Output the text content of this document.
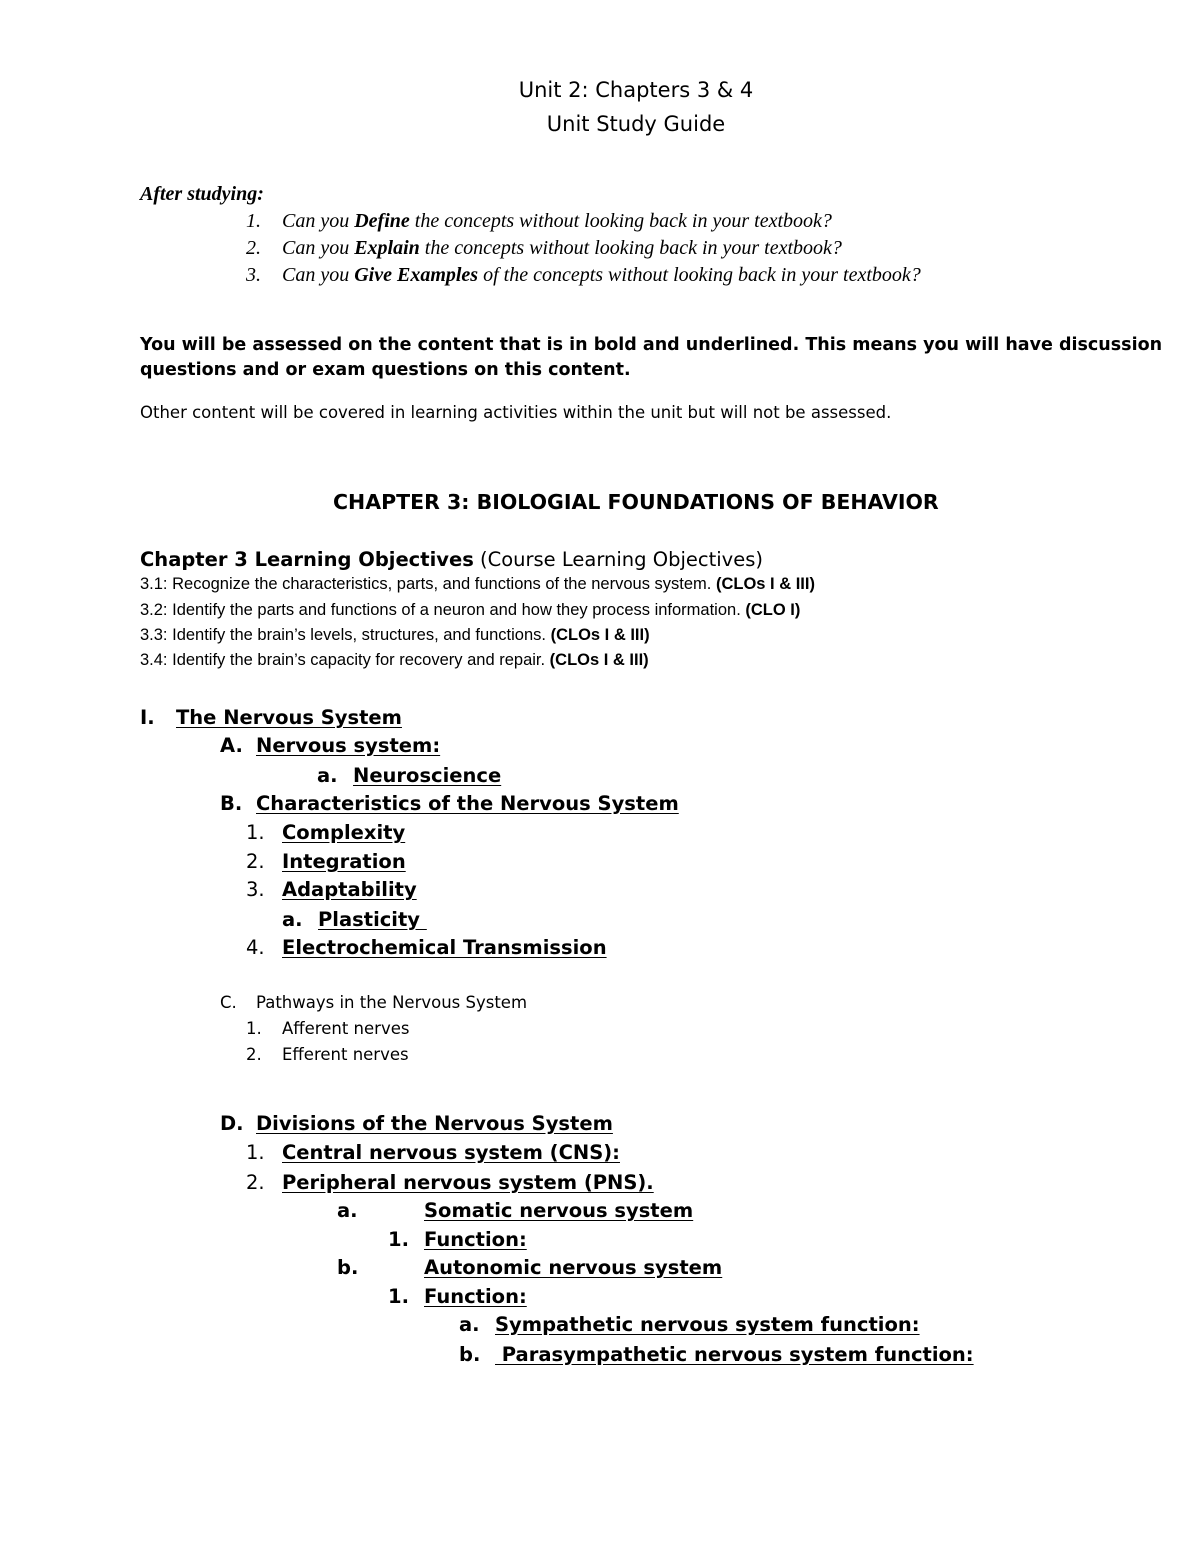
Unit 2: Chapters 3 & 4
Unit Study Guide
After studying:
1. Can you Define the concepts without looking back in your textbook?
2. Can you Explain the concepts without looking back in your textbook?
3. Can you Give Examples of the concepts without looking back in your textbook?
You will be assessed on the content that is in bold and underlined. This means you will have discussion
questions and or exam questions on this content.
Other content will be covered in learning activities within the unit but will not be assessed.
CHAPTER 3: BIOLOGIAL FOUNDATIONS OF BEHAVIOR
Chapter 3 Learning Objectives (Course Learning Objectives)
3.1: Recognize the characteristics, parts, and functions of the nervous system. (CLOs I & III)
3.2: Identify the parts and functions of a neuron and how they process information. (CLO I)
3.3: Identify the brain’s levels, structures, and functions. (CLOs I & III)
3.4: Identify the brain’s capacity for recovery and repair. (CLOs I & III)
I. The Nervous System
A. Nervous system:
a. Neuroscience
B. Characteristics of the Nervous System
1. Complexity
2. Integration
3. Adaptability
a. Plasticity
4. Electrochemical Transmission
C. Pathways in the Nervous System
1. Afferent nerves
2. Efferent nerves
D. Divisions of the Nervous System
1. Central nervous system (CNS):
2. Peripheral nervous system (PNS).
a.	Somatic nervous system
1. Function:
b.	Autonomic nervous system
1. Function:
a. Sympathetic nervous system function:
b. Parasympathetic nervous system function:
